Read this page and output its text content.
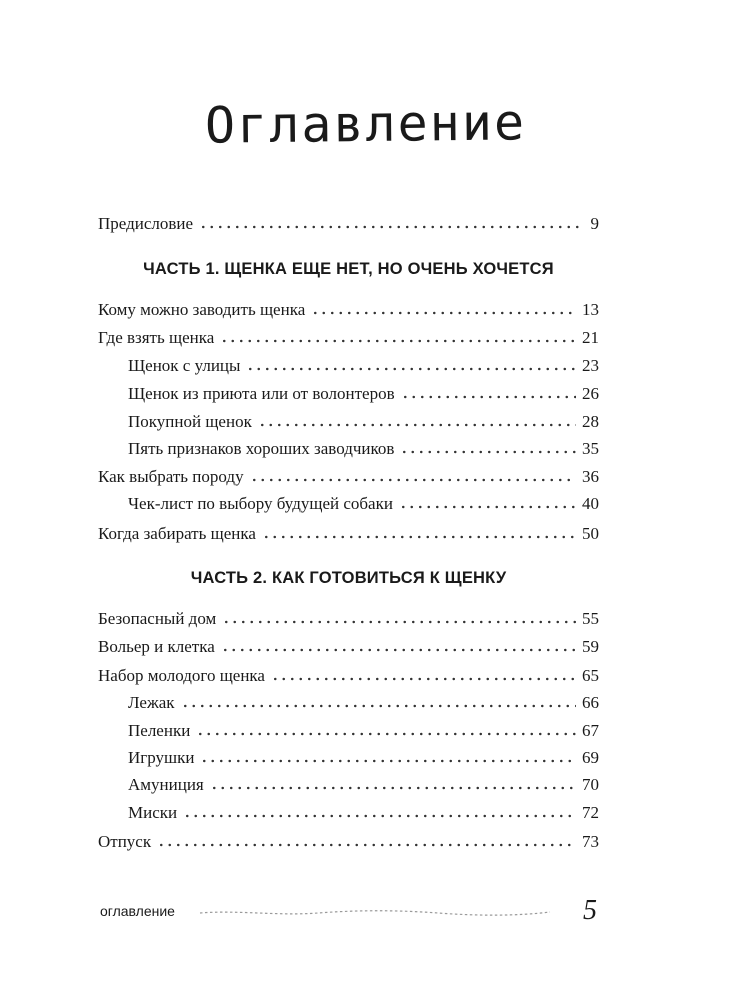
Оглавление
Предисловие	9
ЧАСТЬ 1. ЩЕНКА ЕЩЕ НЕТ, НО ОЧЕНЬ ХОЧЕТСЯ
Кому можно заводить щенка	13
Где взять щенка	21
Щенок с улицы	23
Щенок из приюта или от волонтеров	26
Покупной щенок	28
Пять признаков хороших заводчиков	35
Как выбрать породу	36
Чек-лист по выбору будущей собаки	40
Когда забирать щенка	50
ЧАСТЬ 2. КАК ГОТОВИТЬСЯ К ЩЕНКУ
Безопасный дом	55
Вольер и клетка	59
Набор молодого щенка	65
Лежак	66
Пеленки	67
Игрушки	69
Амуниция	70
Миски	72
Отпуск	73
оглавление	5
